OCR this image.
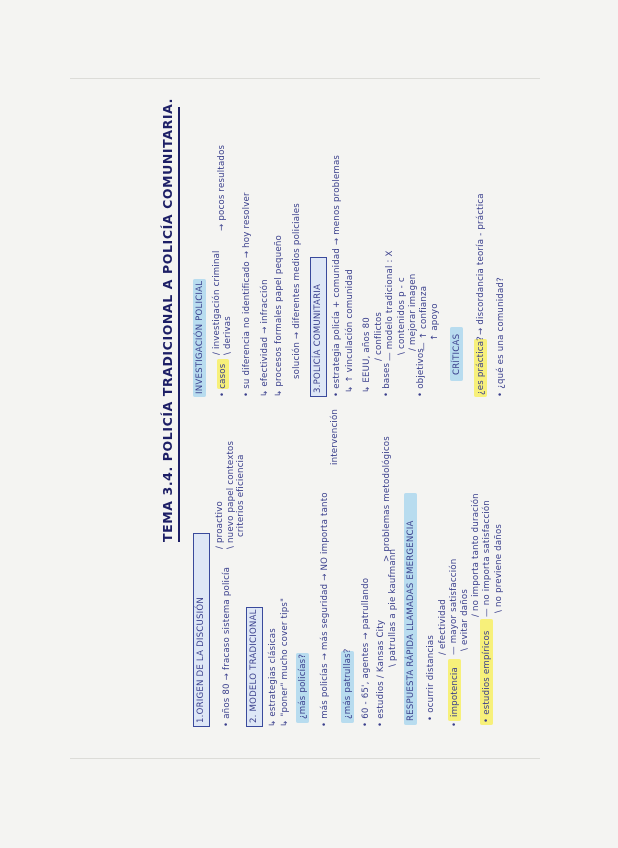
TEMA 3.4. POLICÍA TRADICIONAL A POLICÍA COMUNITARIA.
1.ORIGEN DE LA DISCUSIÓN • años 80 → fracaso sistema policía
/ proactivo \ nuevo papel contextos criterios eficiencia
2. MODELO TRADICIONAL ↳ estrategias clásicas ↳ "poner" mucho cover tips" ¿más policías? • más policías → más seguridad → NO importa tanto
intervención
¿más patrullas? • 60 - 65', agentes → patrullando • estudios / Kansas City
\ patrullas a pie kaufmann
> problemas metodológicos
RESPUESTA RÁPIDA LLAMADAS EMERGENCIA • ocurrir distancias
•
impotencia
/ efectividad — mayor satisfacción \ evitar daños
• estudios empíricos
/ no importa tanto duración — no importa satisfacción \ no previene daños
INVESTIGACIÓN POLICIAL • casos
/ investigación criminal \ derivas
→ pocos resultados
• su diferencia no identificado → hoy resolver ↳ efectividad → infracción ↳ procesos formales papel pequeño solución → diferentes medios policiales 3.POLICÍA COMUNITARIA • estrategia policía + comunidad → menos problemas ↳ ↑ vinculación comunidad ↳ EEUU, años 80 • bases
/ conflictos — modelo tradicional : X \ contenidos p - c
• objetivos
/ mejorar imagen — ↑ confianza ↑ apoyo
CRÍTICAS ¿es práctica?
→ discordancia teoría - práctica
• ¿qué es una comunidad?
